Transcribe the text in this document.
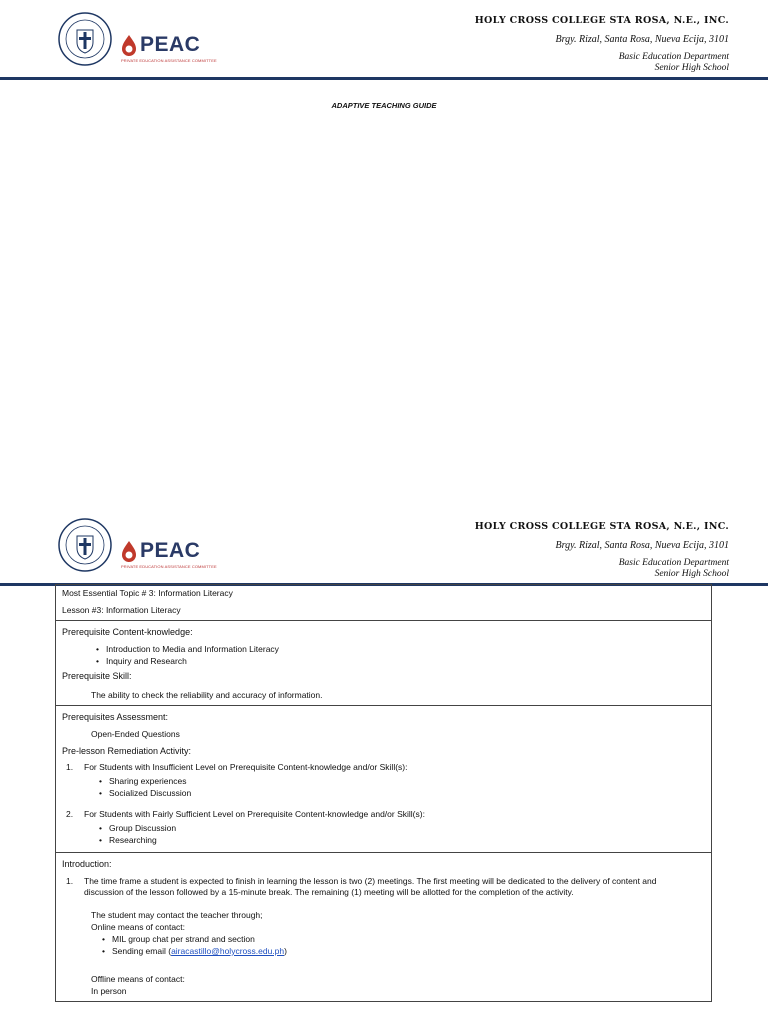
PEAC
PRIVATE EDUCATION ASSISTANCE COMMITTEE
HOLY CROSS COLLEGE STA ROSA, N.E., INC.
Brgy. Rizal, Santa Rosa, Nueva Ecija, 3101
Basic Education Department
Senior High School
ADAPTIVE TEACHING GUIDE
PEAC
PRIVATE EDUCATION ASSISTANCE COMMITTEE
HOLY CROSS COLLEGE STA ROSA, N.E., INC.
Brgy. Rizal, Santa Rosa, Nueva Ecija, 3101
Basic Education Department
Senior High School
Most Essential Topic # 3: Information Literacy
Lesson #3: Information Literacy
Prerequisite Content-knowledge:
• Introduction to Media and Information Literacy
• Inquiry and Research
Prerequisite Skill:
The ability to check the reliability and accuracy of information.
Prerequisites Assessment:
Open-Ended Questions
Pre-lesson Remediation Activity:
1.	For Students with Insufficient Level on Prerequisite Content-knowledge and/or Skill(s):
• Sharing experiences
• Socialized Discussion
2.	For Students with Fairly Sufficient Level on Prerequisite Content-knowledge and/or Skill(s):
• Group Discussion
• Researching
Introduction:
1.	The time frame a student is expected to finish in learning the lesson is two (2) meetings. The first meeting will be dedicated to the delivery of content and
discussion of the lesson followed by a 15-minute break. The remaining (1) meeting will be allotted for the completion of the activity.
The student may contact the teacher through;
Online means of contact:
• MIL group chat per strand and section
• Sending email (airacastillo@holycross.edu.ph)
Offline means of contact:
In person
